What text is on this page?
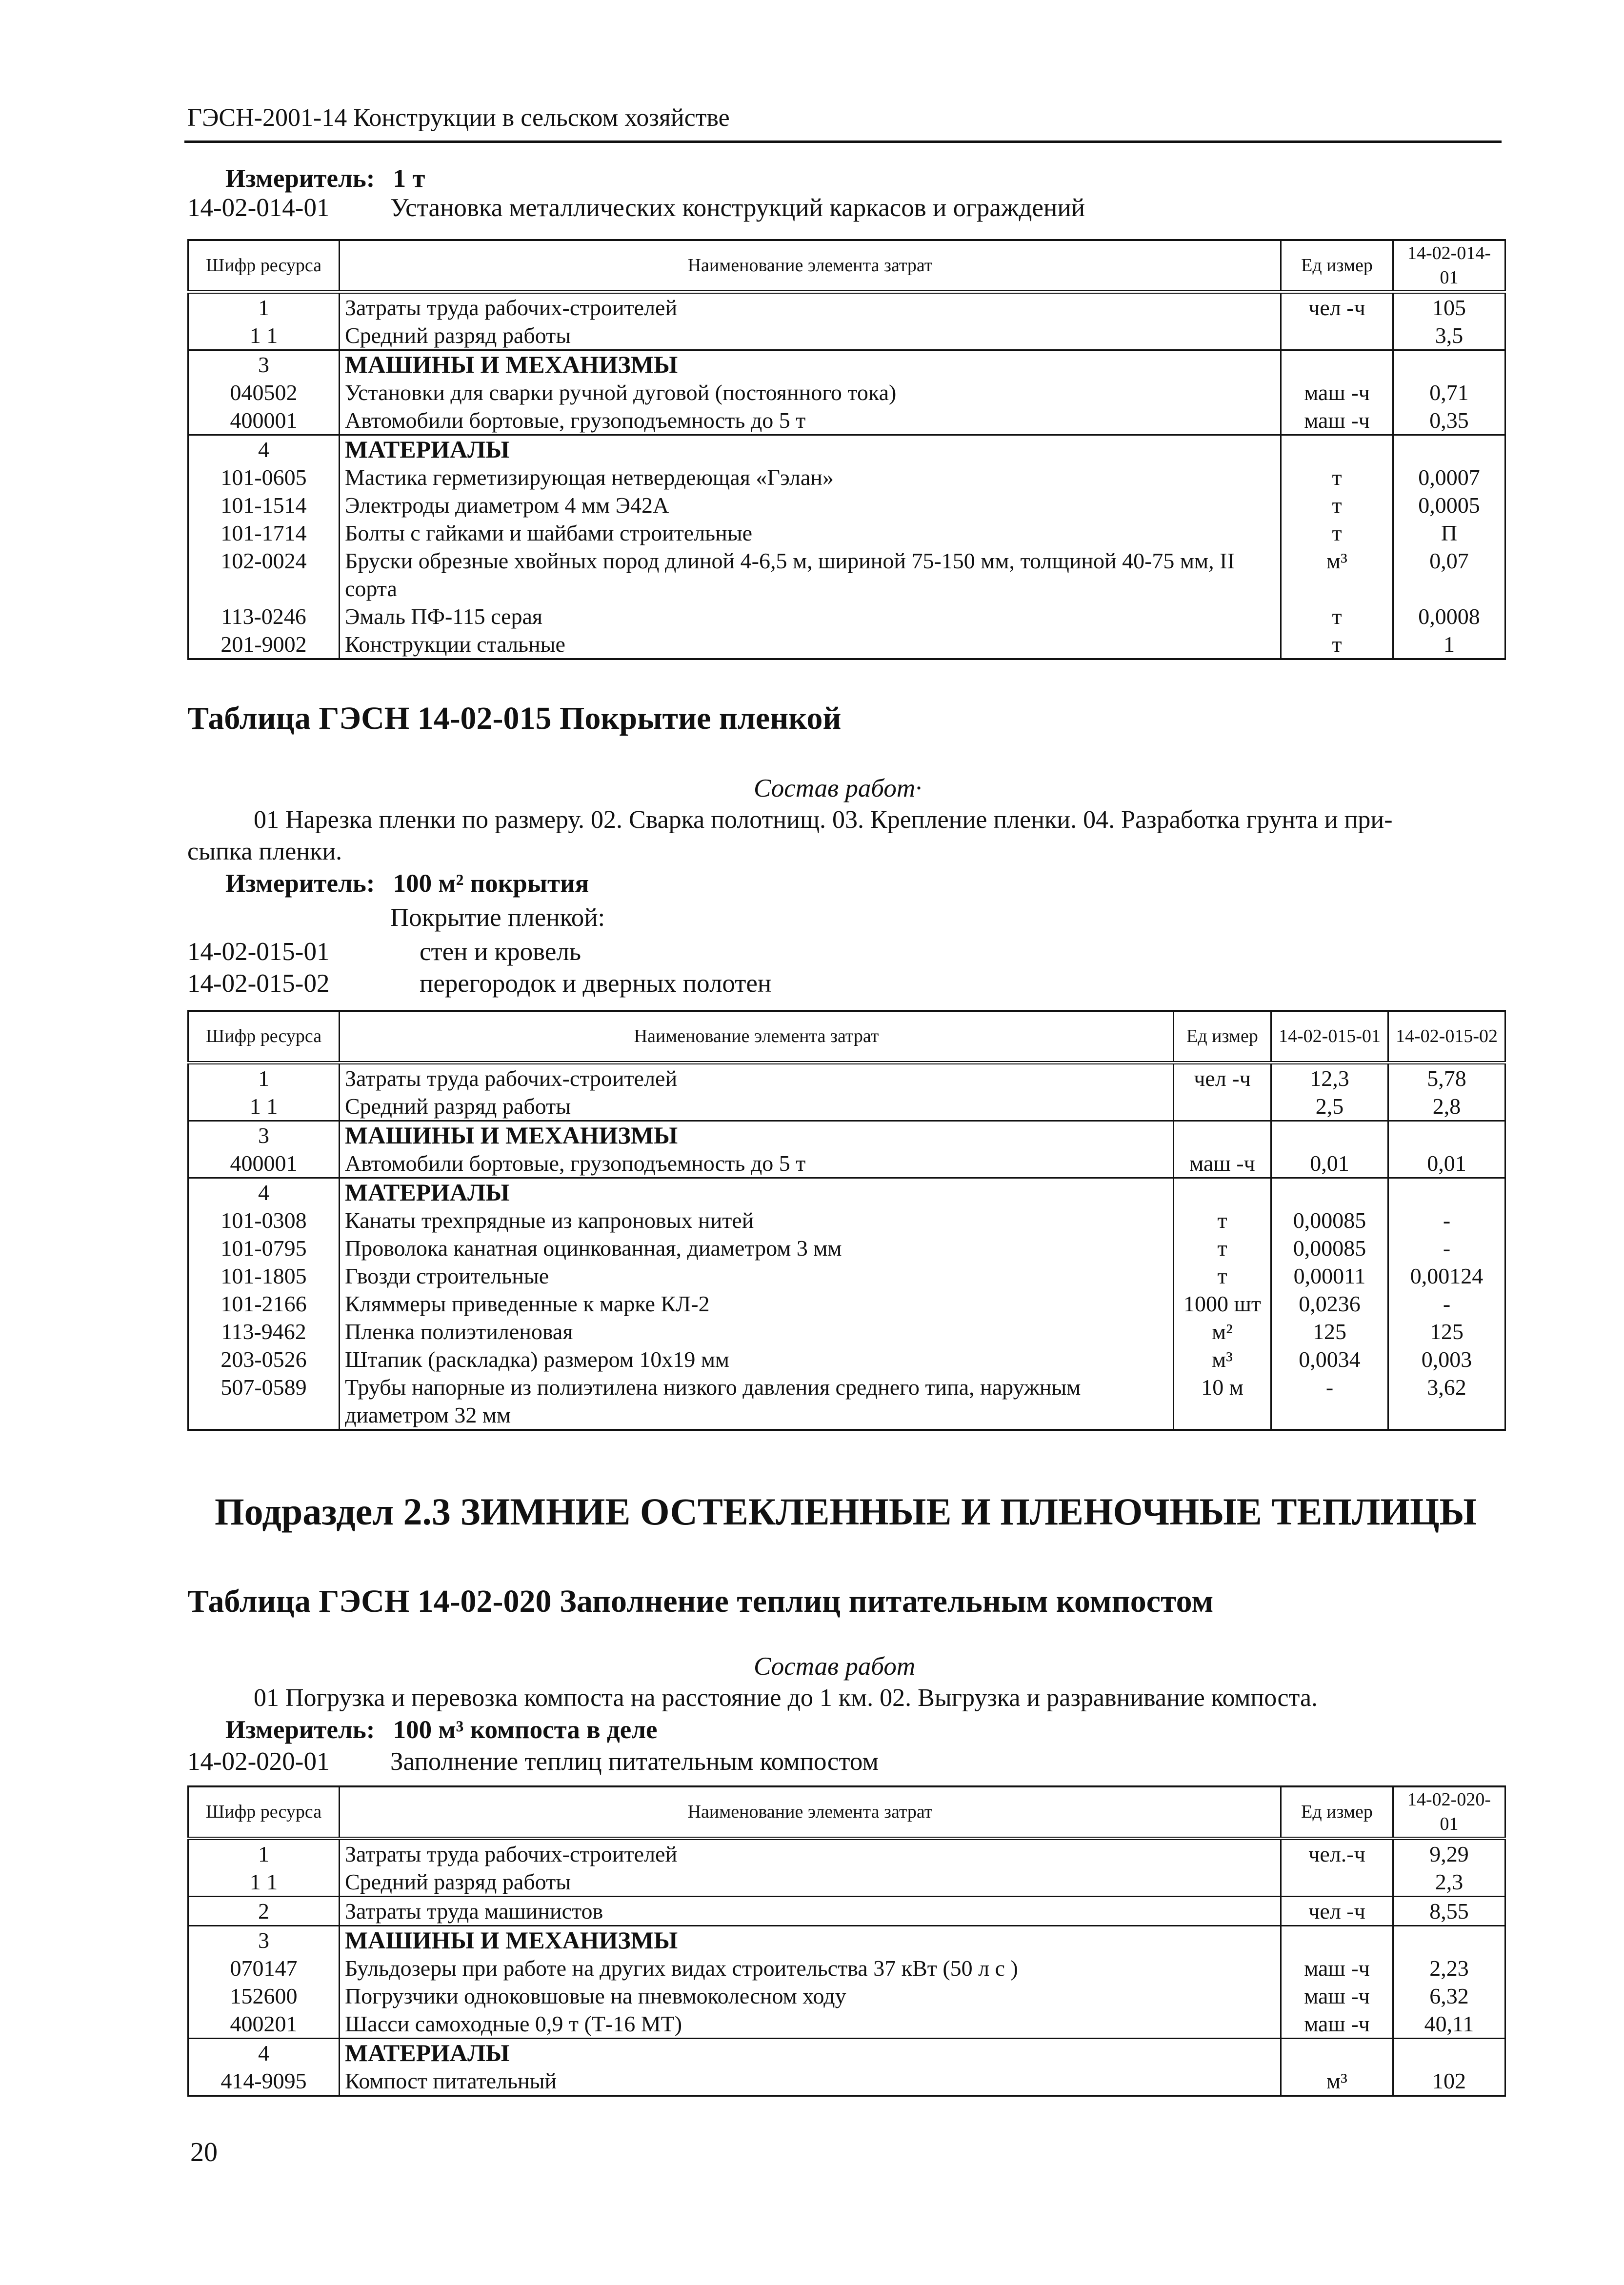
ГЭСН-2001-14 Конструкции в сельском хозяйстве
Измеритель: 1 т
14-02-014-01 Установка металлических конструкций каркасов и ограждений
Шифр ресурса	Наименование элемента затрат	Ед измер	14-02-014-01
1	Затраты труда рабочих-строителей	чел -ч	105
1 1	Средний разряд работы		3,5
3	МАШИНЫ И МЕХАНИЗМЫ		
040502	Установки для сварки ручной дуговой (постоянного тока)	маш -ч	0,71
400001	Автомобили бортовые, грузоподъемность до 5 т	маш -ч	0,35
4	МАТЕРИАЛЫ		
101-0605	Мастика герметизирующая нетвердеющая «Гэлан»	т	0,0007
101-1514	Электроды диаметром 4 мм Э42А	т	0,0005
101-1714	Болты с гайками и шайбами строительные	т	П
102-0024	Бруски обрезные хвойных пород длиной 4-6,5 м, шириной 75-150 мм, толщиной 40-75 мм, II сорта	м³	0,07
113-0246	Эмаль ПФ-115 серая	т	0,0008
201-9002	Конструкции стальные	т	1
Таблица ГЭСН 14-02-015 Покрытие пленкой
Состав работ·
01 Нарезка пленки по размеру. 02. Сварка полотнищ. 03. Крепление пленки. 04. Разработка грунта и при-
сыпка пленки.
Измеритель: 100 м² покрытия
Покрытие пленкой:
14-02-015-01	стен и кровель
14-02-015-02	перегородок и дверных полотен
Шифр ресурса	Наименование элемента затрат	Ед измер	14-02-015-01	14-02-015-02
1	Затраты труда рабочих-строителей	чел -ч	12,3	5,78
1 1	Средний разряд работы		2,5	2,8
3	МАШИНЫ И МЕХАНИЗМЫ			
400001	Автомобили бортовые, грузоподъемность до 5 т	маш -ч	0,01	0,01
4	МАТЕРИАЛЫ			
101-0308	Канаты трехпрядные из капроновых нитей	т	0,00085	-
101-0795	Проволока канатная оцинкованная, диаметром 3 мм	т	0,00085	-
101-1805	Гвозди строительные	т	0,00011	0,00124
101-2166	Кляммеры приведенные к марке КЛ-2	1000 шт	0,0236	-
113-9462	Пленка полиэтиленовая	м²	125	125
203-0526	Штапик (раскладка) размером 10х19 мм	м³	0,0034	0,003
507-0589	Трубы напорные из полиэтилена низкого давления среднего типа, наружным диаметром 32 мм	10 м	-	3,62
Подраздел 2.3 ЗИМНИЕ ОСТЕКЛЕННЫЕ И ПЛЕНОЧНЫЕ ТЕПЛИЦЫ
Таблица ГЭСН 14-02-020 Заполнение теплиц питательным компостом
Состав работ
01 Погрузка и перевозка компоста на расстояние до 1 км. 02. Выгрузка и разравнивание компоста.
Измеритель: 100 м³ компоста в деле
14-02-020-01 Заполнение теплиц питательным компостом
Шифр ресурса	Наименование элемента затрат	Ед измер	14-02-020-01
1	Затраты труда рабочих-строителей	чел.-ч	9,29
1 1	Средний разряд работы		2,3
2	Затраты труда машинистов	чел -ч	8,55
3	МАШИНЫ И МЕХАНИЗМЫ		
070147	Бульдозеры при работе на других видах строительства 37 кВт (50 л с )	маш -ч	2,23
152600	Погрузчики одноковшовые на пневмоколесном ходу	маш -ч	6,32
400201	Шасси самоходные 0,9 т (Т-16 МТ)	маш -ч	40,11
4	МАТЕРИАЛЫ		
414-9095	Компост питательный	м³	102
20
